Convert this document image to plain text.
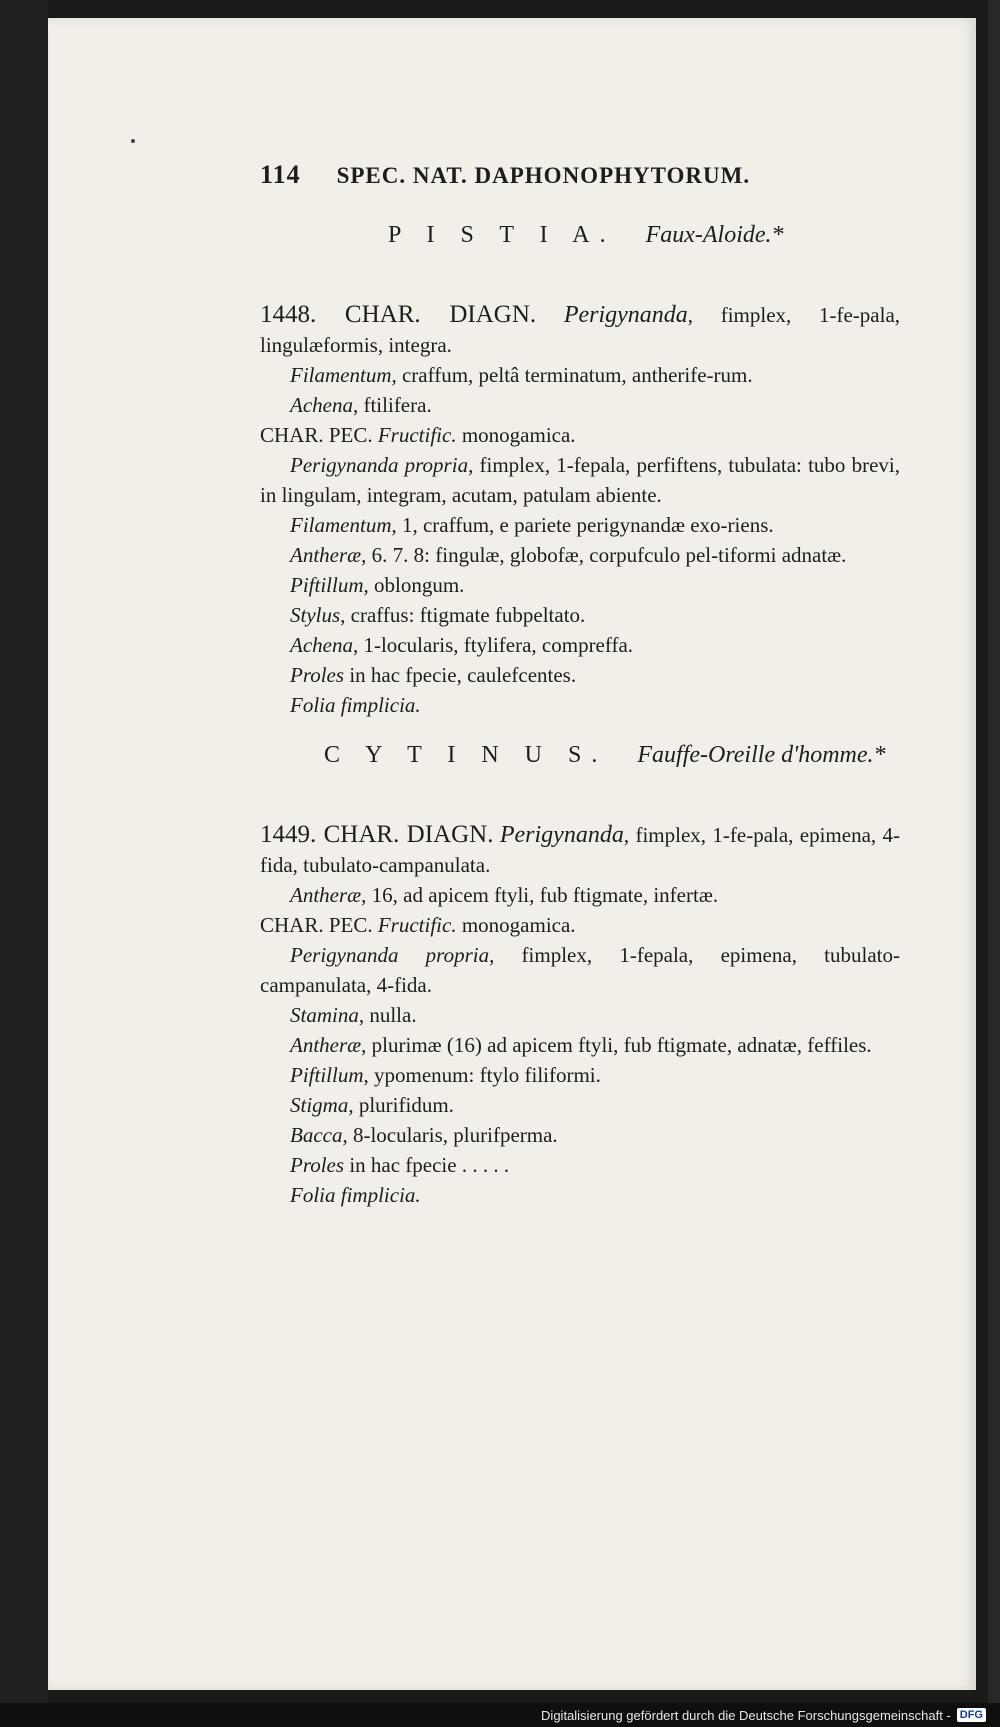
114 SPEC. NAT. DAPHONOPHYTORUM.
P I S T I A. Faux-Aloide.*
1448. CHAR. DIAGN. Perigynanda, fimplex, 1-fe-pala, lingulæformis, integra.
Filamentum, craffum, peltâ terminatum, antherife-rum.
Achena, ftilifera.
CHAR. PEC. Fructific. monogamica.
Perigynanda propria, fimplex, 1-fepala, perfiftens, tubulata: tubo brevi, in lingulam, integram, acutam, patulam abiente.
Filamentum, 1, craffum, e pariete perigynandæ exo-riens.
Antheræ, 6. 7. 8: fingulæ, globofæ, corpufculo pel-tiformi adnatæ.
Piftillum, oblongum.
Stylus, craffus: ftigmate fubpeltato.
Achena, 1-locularis, ftylifera, compreffa.
Proles in hac fpecie, caulefcentes.
Folia fimplicia.
C Y T I N U S. Fauffe-Oreille d'homme.*
1449. CHAR. DIAGN. Perigynanda, fimplex, 1-fe-pala, epimena, 4-fida, tubulato-campanulata.
Antheræ, 16, ad apicem ftyli, fub ftigmate, infertæ.
CHAR. PEC. Fructific. monogamica.
Perigynanda propria, fimplex, 1-fepala, epimena, tubulato-campanulata, 4-fida.
Stamina, nulla.
Antheræ, plurimæ (16) ad apicem ftyli, fub ftigmate, adnatæ, feffiles.
Piftillum, ypomenum: ftylo filiformi.
Stigma, plurifidum.
Bacca, 8-locularis, plurifperma.
Proles in hac fpecie . . . . .
Folia fimplicia.
Digitalisierung gefördert durch die Deutsche Forschungsgemeinschaft - DFG
